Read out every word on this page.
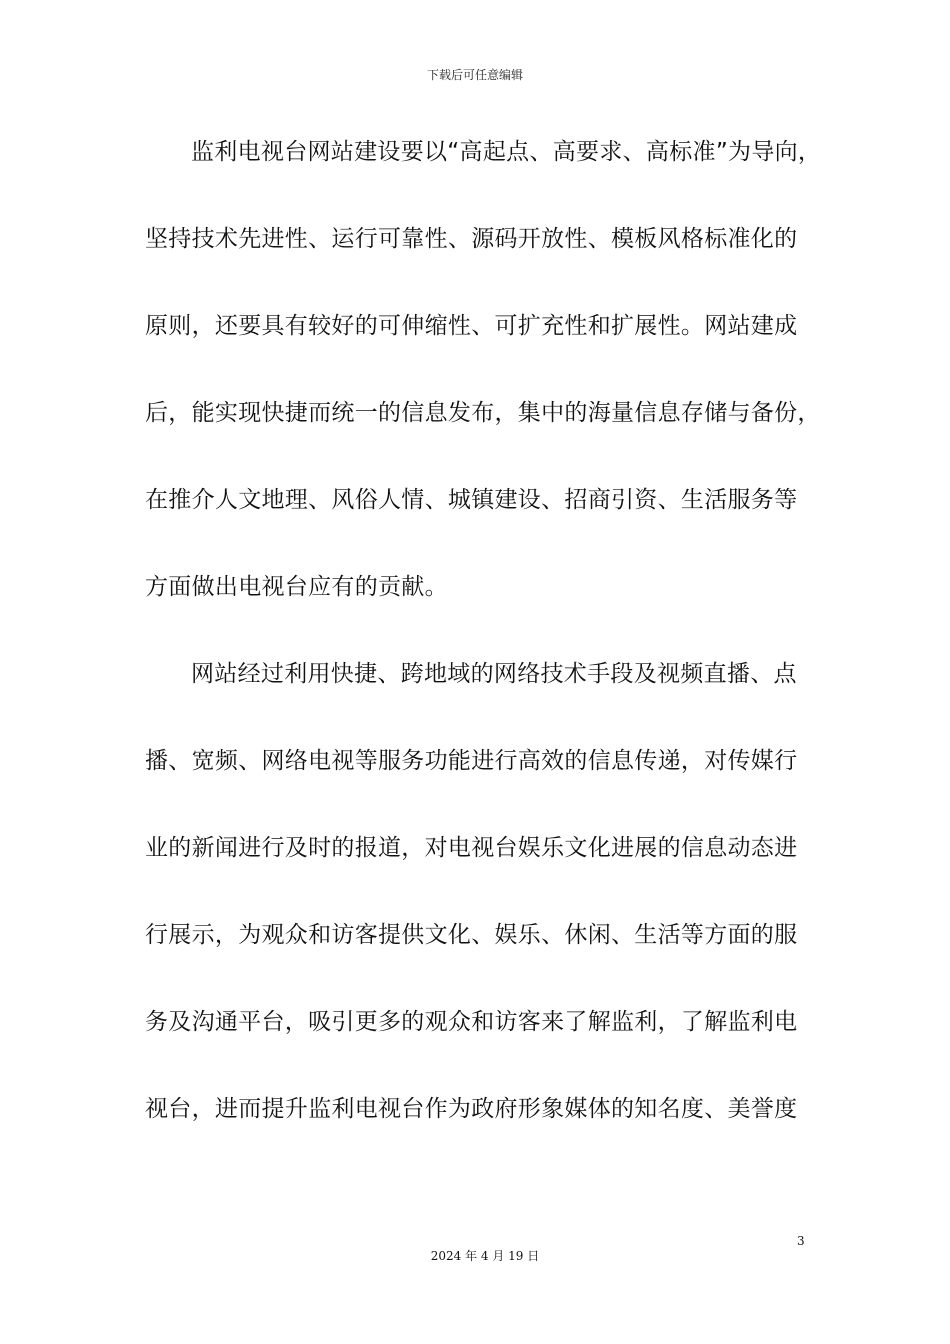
下载后可任意编辑
监利电视台网站建设要以“高起点、高要求、高标准”为导向，
坚持技术先进性、运行可靠性、源码开放性、模板风格标准化的
原则，还要具有较好的可伸缩性、可扩充性和扩展性。网站建成
后，能实现快捷而统一的信息发布，集中的海量信息存储与备份，
在推介人文地理、风俗人情、城镇建设、招商引资、生活服务等
方面做出电视台应有的贡献。
网站经过利用快捷、跨地域的网络技术手段及视频直播、点
播、宽频、网络电视等服务功能进行高效的信息传递，对传媒行
业的新闻进行及时的报道，对电视台娱乐文化进展的信息动态进
行展示，为观众和访客提供文化、娱乐、休闲、生活等方面的服
务及沟通平台，吸引更多的观众和访客来了解监利，了解监利电
视台，进而提升监利电视台作为政府形象媒体的知名度、美誉度
3
2024 年 4 月 19 日
